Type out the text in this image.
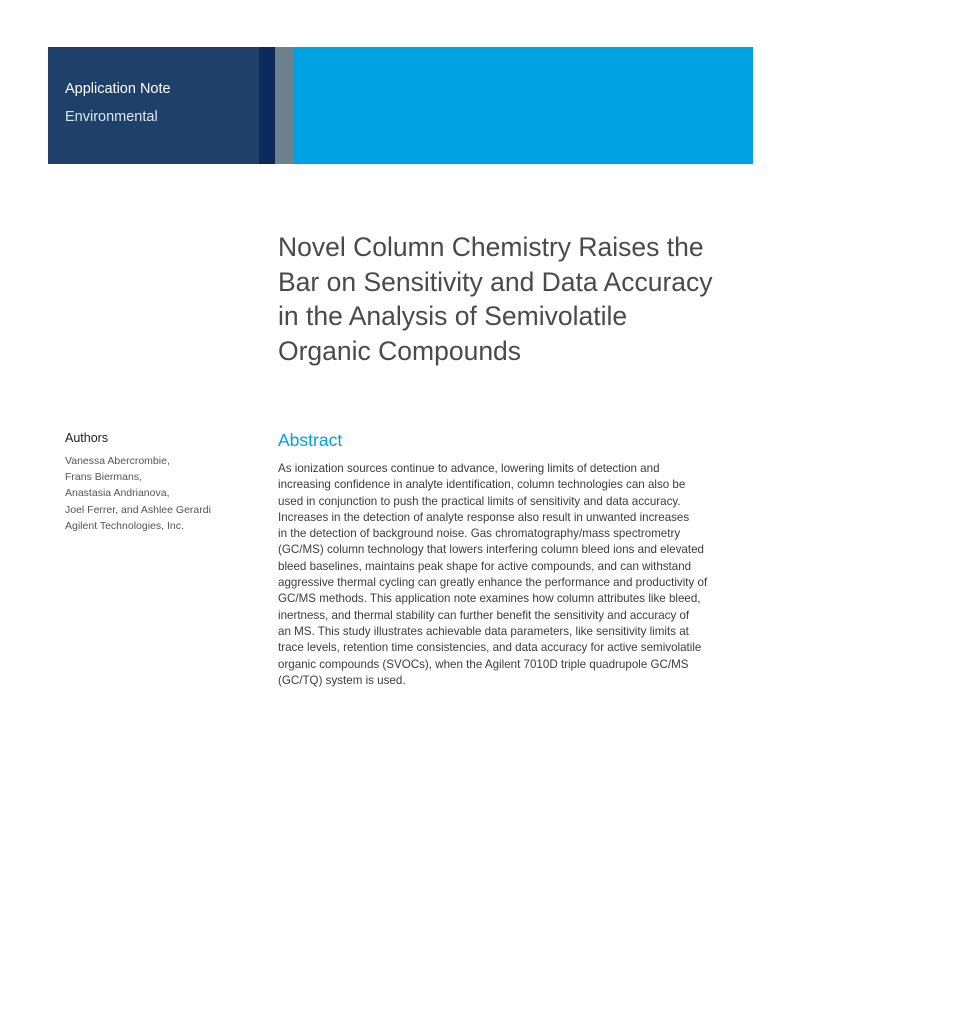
Application Note
Environmental
Agilent
Trusted Answers
Novel Column Chemistry Raises the
Bar on Sensitivity and Data Accuracy
in the Analysis of Semivolatile
Organic Compounds
Authors
Vanessa Abercrombie,
Frans Biermans,
Anastasia Andrianova,
Joel Ferrer, and Ashlee Gerardi
Agilent Technologies, Inc.
Abstract

As ionization sources continue to advance, lowering limits of detection and
increasing confidence in analyte identification, column technologies can also be
used in conjunction to push the practical limits of sensitivity and data accuracy.
Increases in the detection of analyte response also result in unwanted increases
in the detection of background noise. Gas chromatography/mass spectrometry
(GC/MS) column technology that lowers interfering column bleed ions and elevated
bleed baselines, maintains peak shape for active compounds, and can withstand
aggressive thermal cycling can greatly enhance the performance and productivity of
GC/MS methods. This application note examines how column attributes like bleed,
inertness, and thermal stability can further benefit the sensitivity and accuracy of
an MS. This study illustrates achievable data parameters, like sensitivity limits at
trace levels, retention time consistencies, and data accuracy for active semivolatile
organic compounds (SVOCs), when the Agilent 7010D triple quadrupole GC/MS
(GC/TQ) system is used.
